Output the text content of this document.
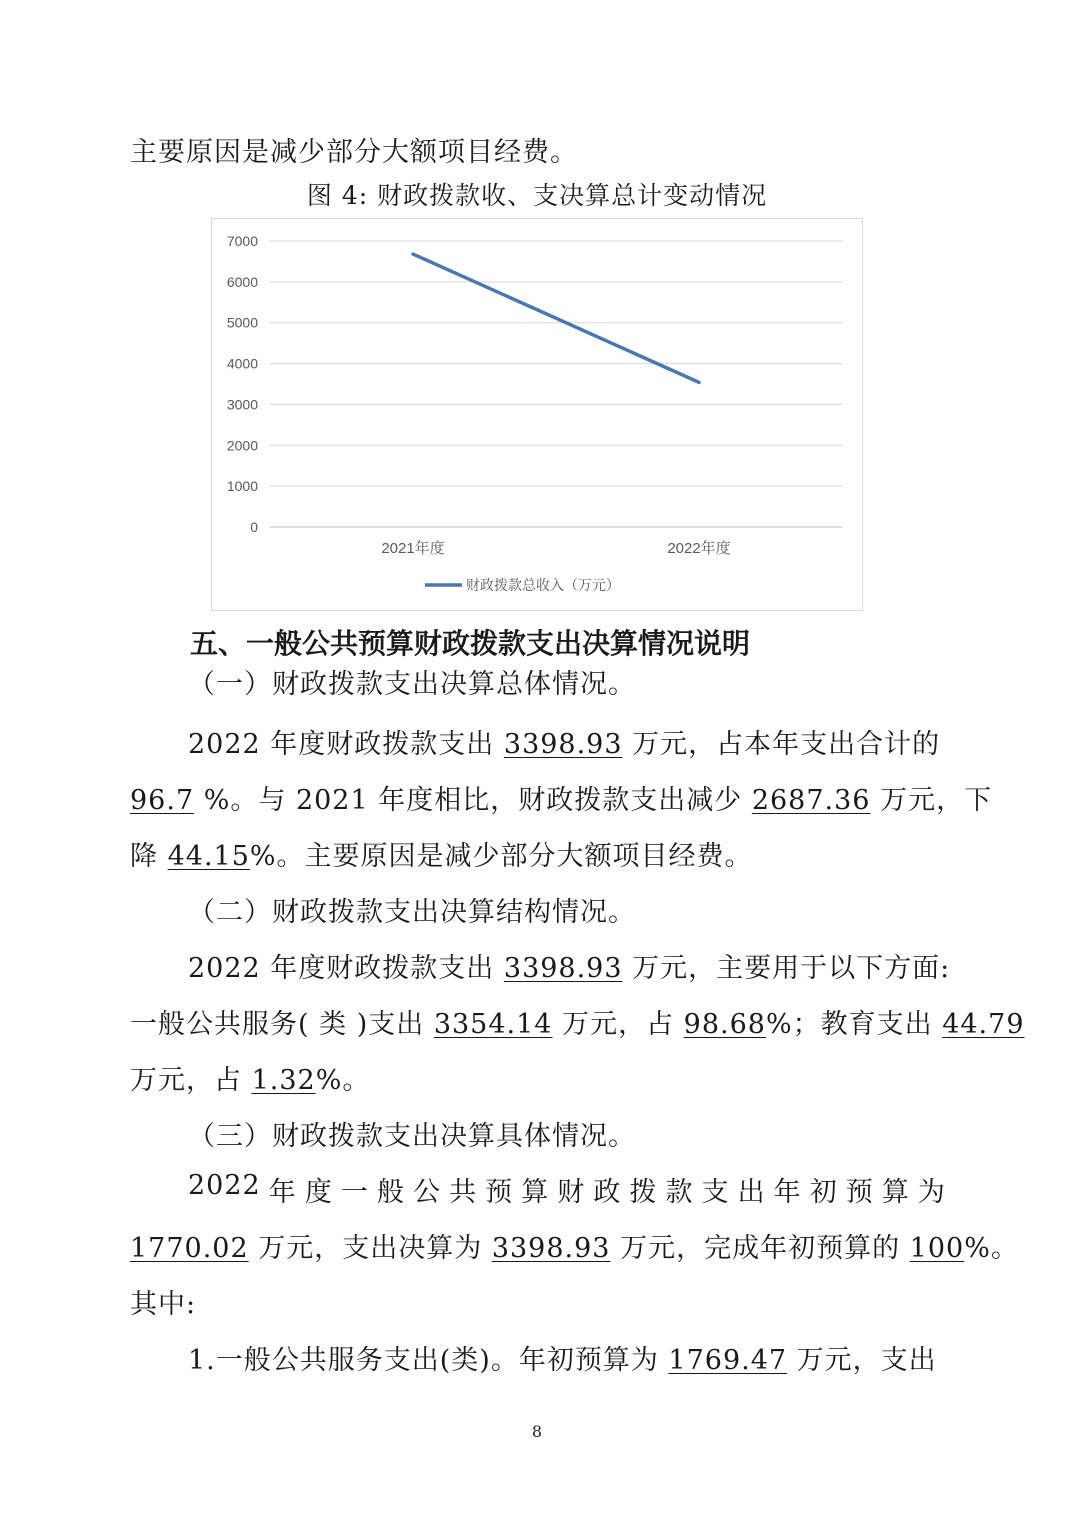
主要原因是减少部分大额项目经费。
图 4: 财政拨款收、支决算总计变动情况
0
1000
2000
3000
4000
5000
6000
7000
2021年度	2022年度
财政拨款总收入（万元）
五、一般公共预算财政拨款支出决算情况说明
（一）财政拨款支出决算总体情况。
2022 年度财政拨款支出 3398.93 万元，占本年支出合计的
96.7 %。与 2021 年度相比，财政拨款支出减少 2687.36 万元，下
降 44.15%。主要原因是减少部分大额项目经费。
（二）财政拨款支出决算结构情况。
2022 年度财政拨款支出 3398.93 万元，主要用于以下方面:
一般公共服务( 类 )支出 3354.14 万元，占 98.68%；教育支出 44.79
万元，占 1.32%。
（三）财政拨款支出决算具体情况。
2022 年 度 一 般 公 共 预 算 财 政 拨 款 支 出 年 初 预 算 为
1770.02 万元，支出决算为 3398.93 万元，完成年初预算的 100%。
其中:
1.一般公共服务支出(类)。年初预算为 1769.47 万元，支出
8
